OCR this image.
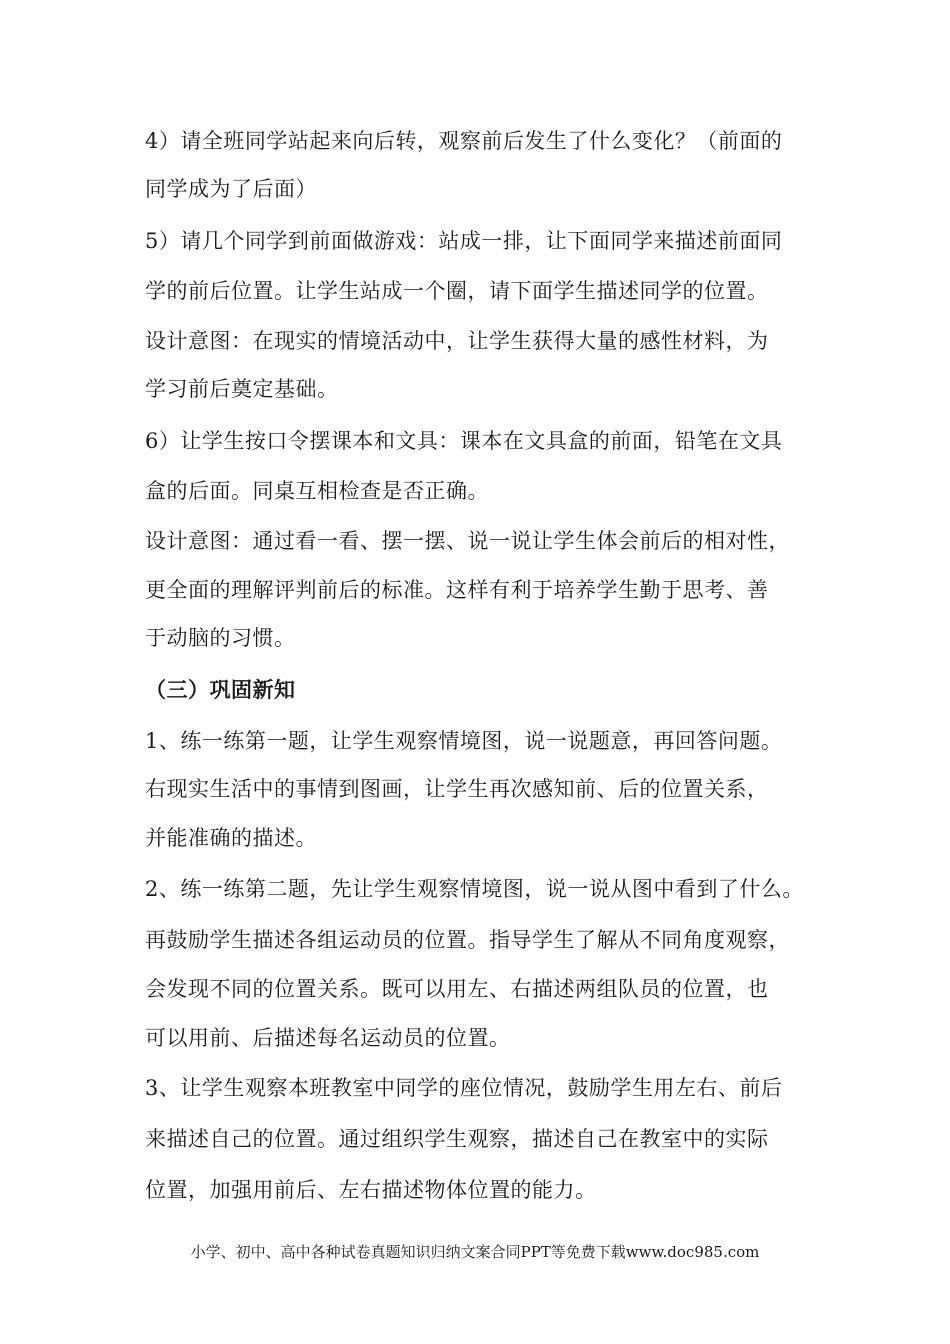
4）请全班同学站起来向后转，观察前后发生了什么变化？（前面的
同学成为了后面）
5）请几个同学到前面做游戏：站成一排，让下面同学来描述前面同
学的前后位置。让学生站成一个圈，请下面学生描述同学的位置。
设计意图：在现实的情境活动中，让学生获得大量的感性材料，为
学习前后奠定基础。
6）让学生按口令摆课本和文具：课本在文具盒的前面，铅笔在文具
盒的后面。同桌互相检查是否正确。
设计意图：通过看一看、摆一摆、说一说让学生体会前后的相对性，
更全面的理解评判前后的标准。这样有利于培养学生勤于思考、善
于动脑的习惯。
（三）巩固新知
1、练一练第一题，让学生观察情境图，说一说题意，再回答问题。
右现实生活中的事情到图画，让学生再次感知前、后的位置关系，
并能准确的描述。
2、练一练第二题，先让学生观察情境图，说一说从图中看到了什么。
再鼓励学生描述各组运动员的位置。指导学生了解从不同角度观察，
会发现不同的位置关系。既可以用左、右描述两组队员的位置，也
可以用前、后描述每名运动员的位置。
3、让学生观察本班教室中同学的座位情况，鼓励学生用左右、前后
来描述自己的位置。通过组织学生观察，描述自己在教室中的实际
位置，加强用前后、左右描述物体位置的能力。
小学、初中、高中各种试卷真题知识归纳文案合同PPT等免费下载www.doc985.com
